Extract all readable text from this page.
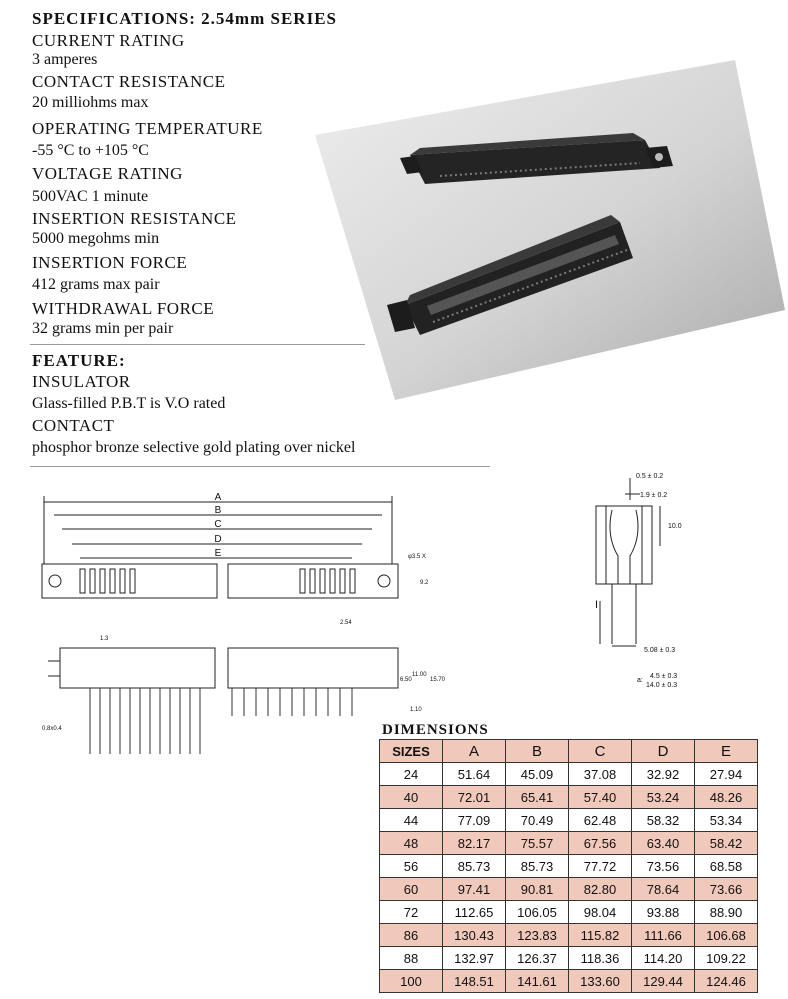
SPECIFICATIONS: 2.54mm SERIES
CURRENT RATING
3 amperes
CONTACT RESISTANCE
20 milliohms max
OPERATING TEMPERATURE
-55 °C to +105 °C
VOLTAGE RATING
500VAC 1 minute
INSERTION RESISTANCE
5000 megohms min
INSERTION FORCE
412 grams max pair
WITHDRAWAL FORCE
32 grams min per pair
FEATURE:
INSULATOR
Glass-filled P.B.T is V.O rated
CONTACT
phosphor bronze selective gold plating over nickel
A
B
C
D
E	φ3.5 X
9.2
2.54
1.3
6.50
11.00
15.70
1.10
0.8x0.4
0.5 ± 0.2
1.9 ± 0.2
10.0
5.08 ± 0.3
I
a:
4.5 ± 0.3
14.0 ± 0.3
DIMENSIONS
SIZES	A	B	C	D	E
24	51.64	45.09	37.08	32.92	27.94
40	72.01	65.41	57.40	53.24	48.26
44	77.09	70.49	62.48	58.32	53.34
48	82.17	75.57	67.56	63.40	58.42
56	85.73	85.73	77.72	73.56	68.58
60	97.41	90.81	82.80	78.64	73.66
72	112.65	106.05	98.04	93.88	88.90
86	130.43	123.83	115.82	111.66	106.68
88	132.97	126.37	118.36	114.20	109.22
100	148.51	141.61	133.60	129.44	124.46
